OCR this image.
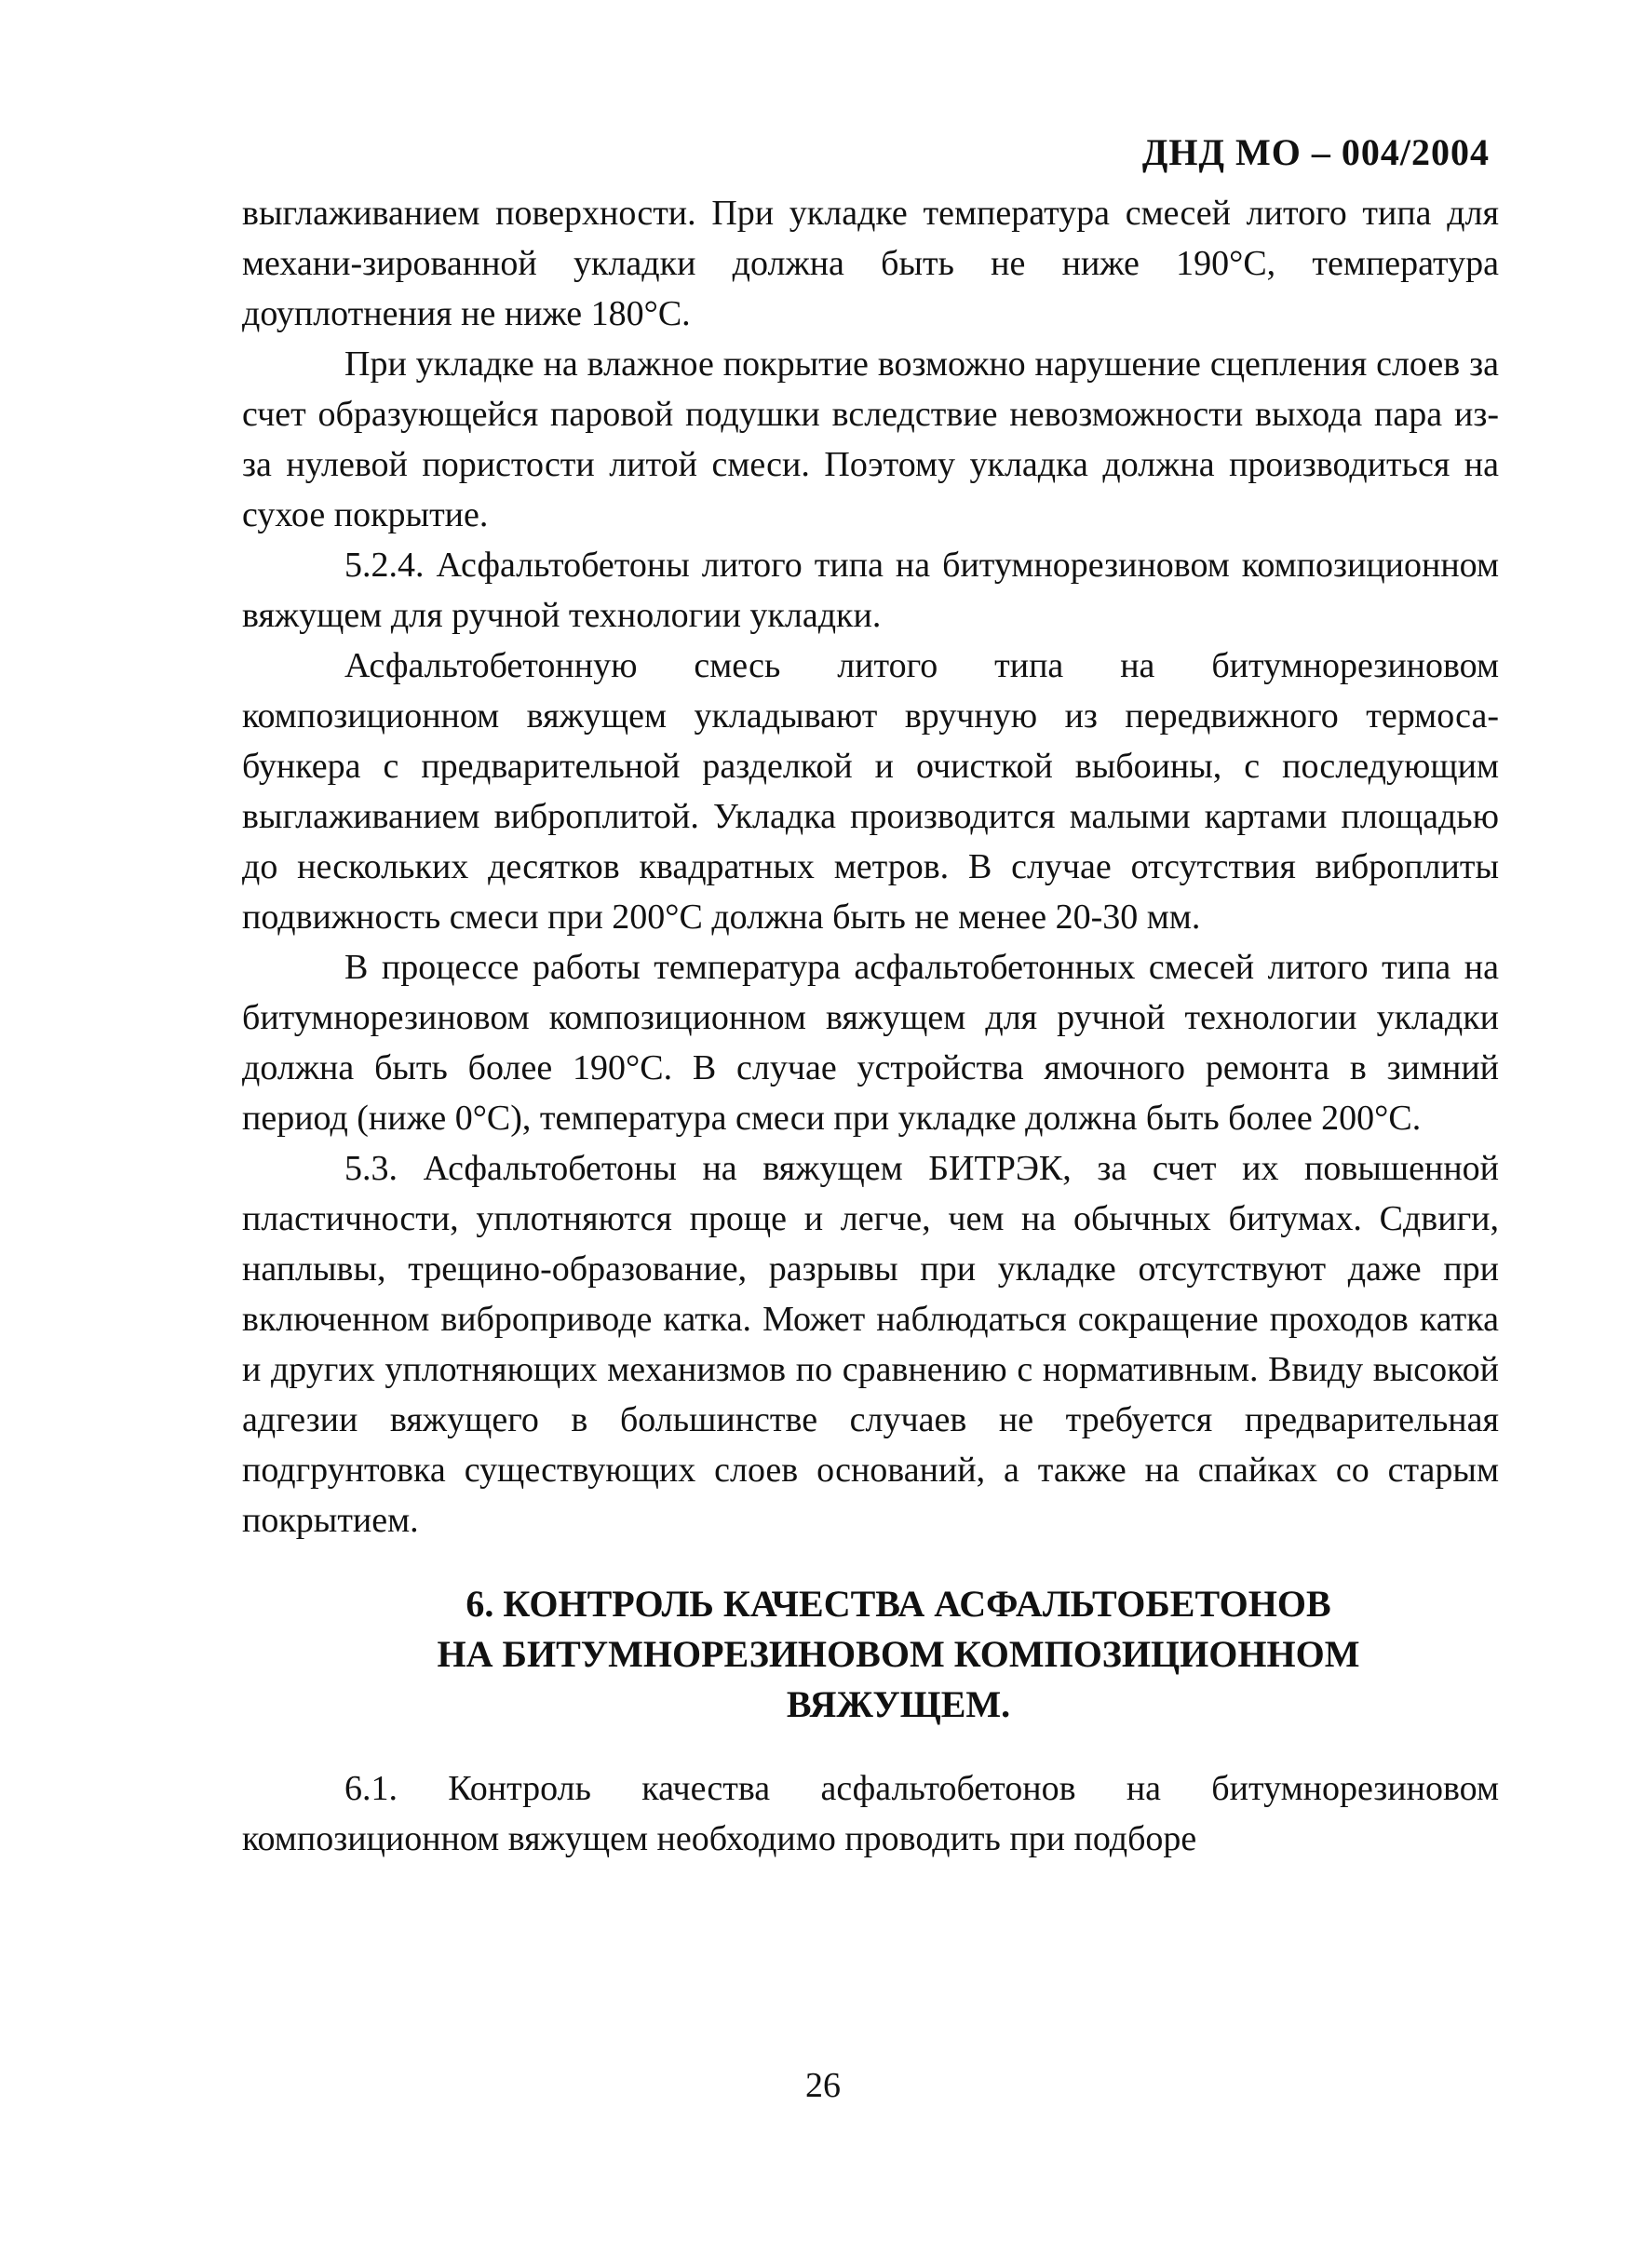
ДНД МО – 004/2004

выглаживанием поверхности. При укладке температура смесей литого типа для механи-зированной укладки должна быть не ниже 190°С, температура доуплотнения не ниже 180°С.

При укладке на влажное покрытие возможно нарушение сцепления слоев за счет образующейся паровой подушки вследствие невозможности выхода пара из-за нулевой пористости литой смеси. Поэтому укладка должна производиться на сухое покрытие.

5.2.4. Асфальтобетоны литого типа на битумнорезиновом композиционном вяжущем для ручной технологии укладки.

Асфальтобетонную смесь литого типа на битумнорезиновом композиционном вяжущем укладывают вручную из передвижного термоса-бункера с предварительной разделкой и очисткой выбоины, с последующим выглаживанием виброплитой. Укладка производится малыми картами площадью до нескольких десятков квадратных метров. В случае отсутствия виброплиты подвижность смеси при 200°С должна быть не менее 20-30 мм.

В процессе работы температура асфальтобетонных смесей литого типа на битумнорезиновом композиционном вяжущем для ручной технологии укладки должна быть более 190°С. В случае устройства ямочного ремонта в зимний период (ниже 0°С), температура смеси при укладке должна быть более 200°С.

5.3. Асфальтобетоны на вяжущем БИТРЭК, за счет их повышенной пластичности, уплотняются проще и легче, чем на обычных битумах. Сдвиги, наплывы, трещино-образование, разрывы при укладке отсутствуют даже при включенном виброприводе катка. Может наблюдаться сокращение проходов катка и других уплотняющих механизмов по сравнению с нормативным. Ввиду высокой адгезии вяжущего в большинстве случаев не требуется предварительная подгрунтовка существующих слоев оснований, а также на спайках со старым покрытием.

6. КОНТРОЛЬ КАЧЕСТВА АСФАЛЬТОБЕТОНОВ
НА БИТУМНОРЕЗИНОВОМ КОМПОЗИЦИОННОМ
ВЯЖУЩЕМ.

6.1. Контроль качества асфальтобетонов на битумнорезиновом композиционном вяжущем необходимо проводить при подборе

26
